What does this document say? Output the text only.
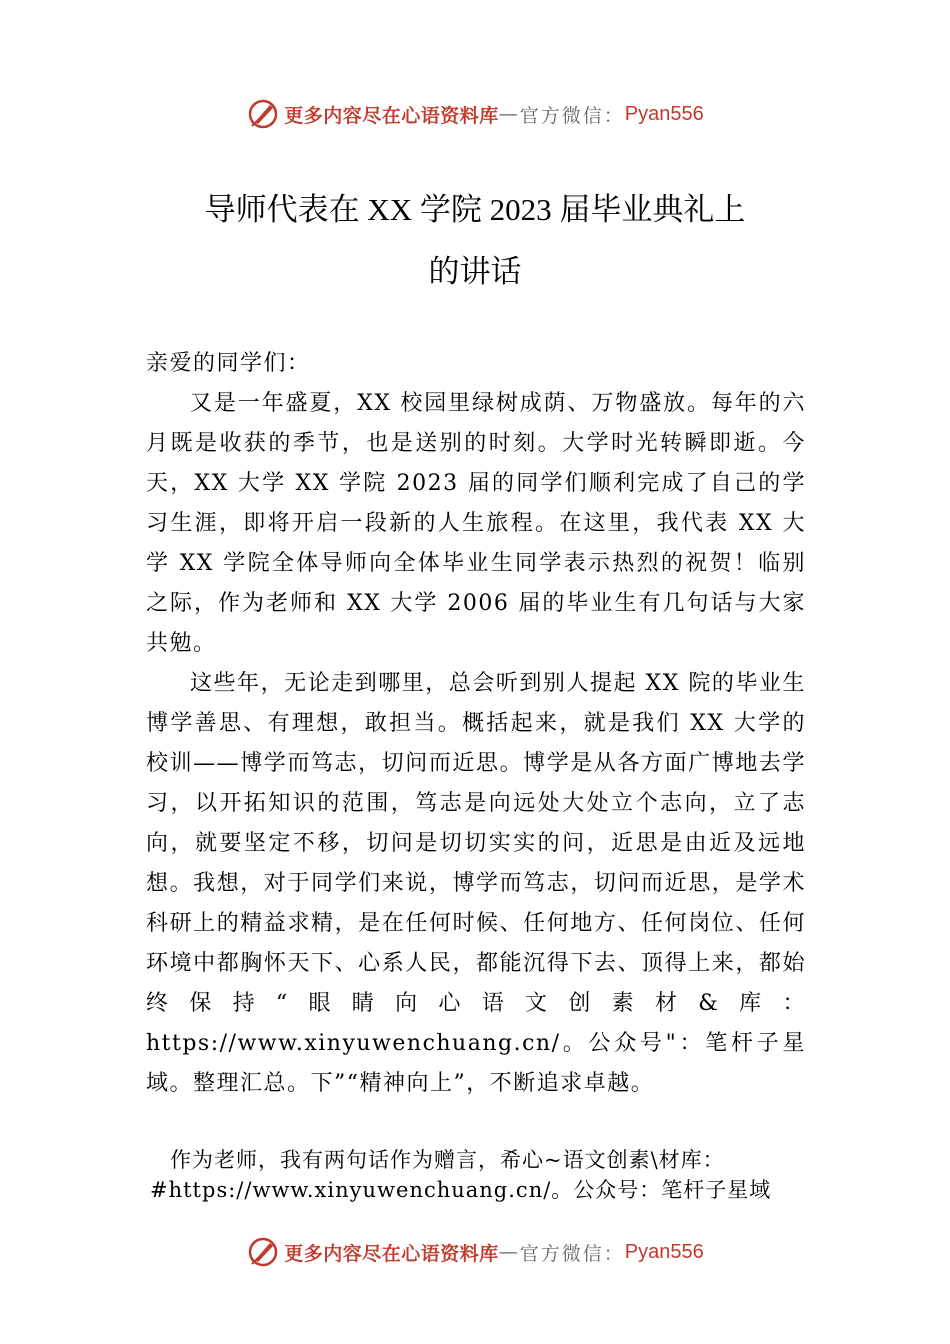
更多内容尽在心语资料库 — 官方微信： Pyan556
导师代表在 XX 学院 2023 届毕业典礼上
的讲话
亲爱的同学们：

又是一年盛夏，XX 校园里绿树成荫、万物盛放。每年的六月既是收获的季节，也是送别的时刻。大学时光转瞬即逝。今天，XX 大学 XX 学院 2023 届的同学们顺利完成了自己的学习生涯，即将开启一段新的人生旅程。在这里，我代表 XX 大学 XX 学院全体导师向全体毕业生同学表示热烈的祝贺！临别之际，作为老师和 XX 大学 2006 届的毕业生有几句话与大家共勉。

这些年，无论走到哪里，总会听到别人提起 XX 院的毕业生博学善思、有理想，敢担当。概括起来，就是我们 XX 大学的校训——博学而笃志，切问而近思。博学是从各方面广博地去学习，以开拓知识的范围，笃志是向远处大处立个志向，立了志向，就要坚定不移，切问是切切实实的问，近思是由近及远地想。我想，对于同学们来说，博学而笃志，切问而近思，是学术科研上的精益求精，是在任何时候、任何地方、任何岗位、任何环境中都胸怀天下、心系人民，都能沉得下去、顶得上来，都始终保持“眼睛向心语文创素材&库：https://www.xinyuwenchuang.cn/。公众号"：笔杆子星域。整理汇总。下”“精神向上”，不断追求卓越。

作为老师，我有两句话作为赠言，希心~语文创素\材库：
#https://www.xinyuwenchuang.cn/。公众号：笔杆子星域
更多内容尽在心语资料库 — 官方微信： Pyan556
